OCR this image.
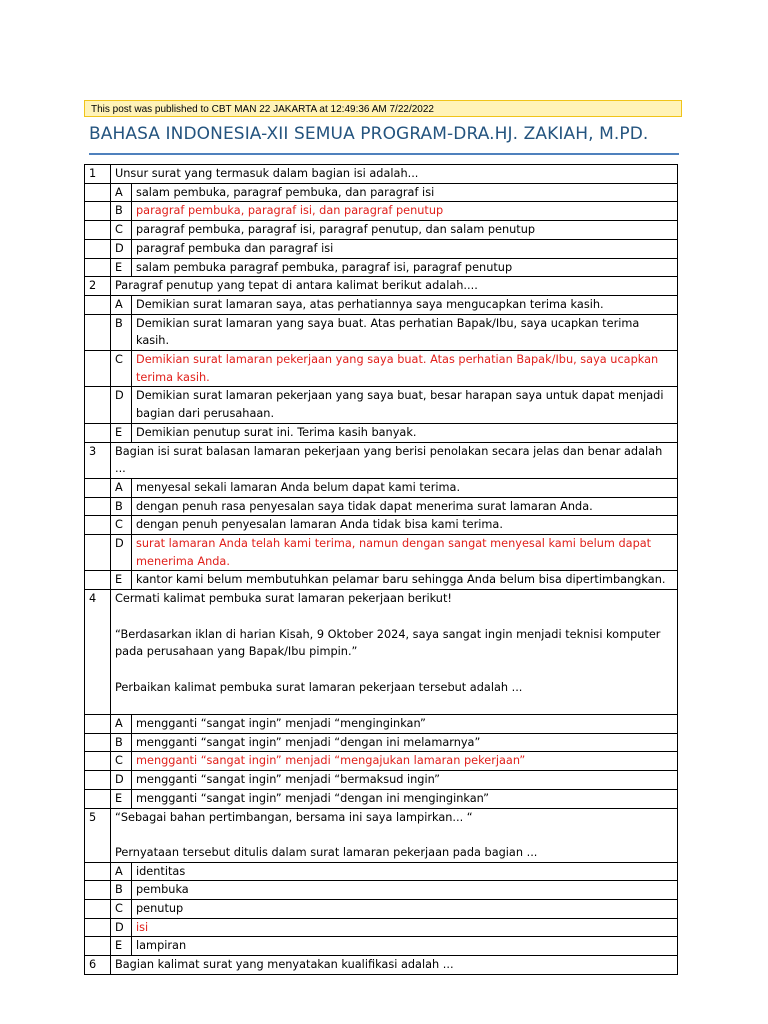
This post was published to CBT MAN 22 JAKARTA at 12:49:36 AM 7/22/2022
BAHASA INDONESIA-XII SEMUA PROGRAM-DRA.HJ. ZAKIAH, M.PD.
1	Unsur surat yang termasuk dalam bagian isi adalah...	

	A	salam pembuka, paragraf pembuka, dan paragraf isi
	B	paragraf pembuka, paragraf isi, dan paragraf penutup
	C	paragraf pembuka, paragraf isi, paragraf penutup, dan salam penutup
	D	paragraf pembuka dan paragraf isi
	E	salam pembuka paragraf pembuka, paragraf isi, paragraf penutup
2	Paragraf penutup yang tepat di antara kalimat berikut adalah....	

	A	Demikian surat lamaran saya, atas perhatiannya saya mengucapkan terima kasih.
	B	Demikian surat lamaran yang saya buat. Atas perhatian Bapak/Ibu, saya ucapkan terima kasih.
	C	Demikian surat lamaran pekerjaan yang saya buat. Atas perhatian Bapak/Ibu, saya ucapkan terima kasih.
	D	Demikian surat lamaran pekerjaan yang saya buat, besar harapan saya untuk dapat menjadi bagian dari perusahaan.
	E	Demikian penutup surat ini. Terima kasih banyak.
3	Bagian isi surat balasan lamaran pekerjaan yang berisi penolakan secara jelas dan benar adalah ...	

	A	menyesal sekali lamaran Anda belum dapat kami terima.
	B	dengan penuh rasa penyesalan saya tidak dapat menerima surat lamaran Anda.
	C	dengan penuh penyesalan lamaran Anda tidak bisa kami terima.
	D	surat lamaran Anda telah kami terima, namun dengan sangat menyesal kami belum dapat menerima Anda.
	E	kantor kami belum membutuhkan pelamar baru sehingga Anda belum bisa dipertimbangkan.
4	Cermati kalimat pembuka surat lamaran pekerjaan berikut!
“Berdasarkan iklan di harian Kisah, 9 Oktober 2024, saya sangat ingin menjadi teknisi komputer pada perusahaan yang Bapak/Ibu pimpin.”
Perbaikan kalimat pembuka surat lamaran pekerjaan tersebut adalah ...	

	A	mengganti “sangat ingin” menjadi “menginginkan”
	B	mengganti “sangat ingin” menjadi “dengan ini melamarnya”
	C	mengganti “sangat ingin” menjadi “mengajukan lamaran pekerjaan”
	D	mengganti “sangat ingin” menjadi “bermaksud ingin”
	E	mengganti “sangat ingin” menjadi “dengan ini menginginkan”
5	“Sebagai bahan pertimbangan, bersama ini saya lampirkan... “
Pernyataan tersebut ditulis dalam surat lamaran pekerjaan pada bagian ...	

	A	identitas
	B	pembuka
	C	penutup
	D	isi
	E	lampiran
6	Bagian kalimat surat yang menyatakan kualifikasi adalah ...	
